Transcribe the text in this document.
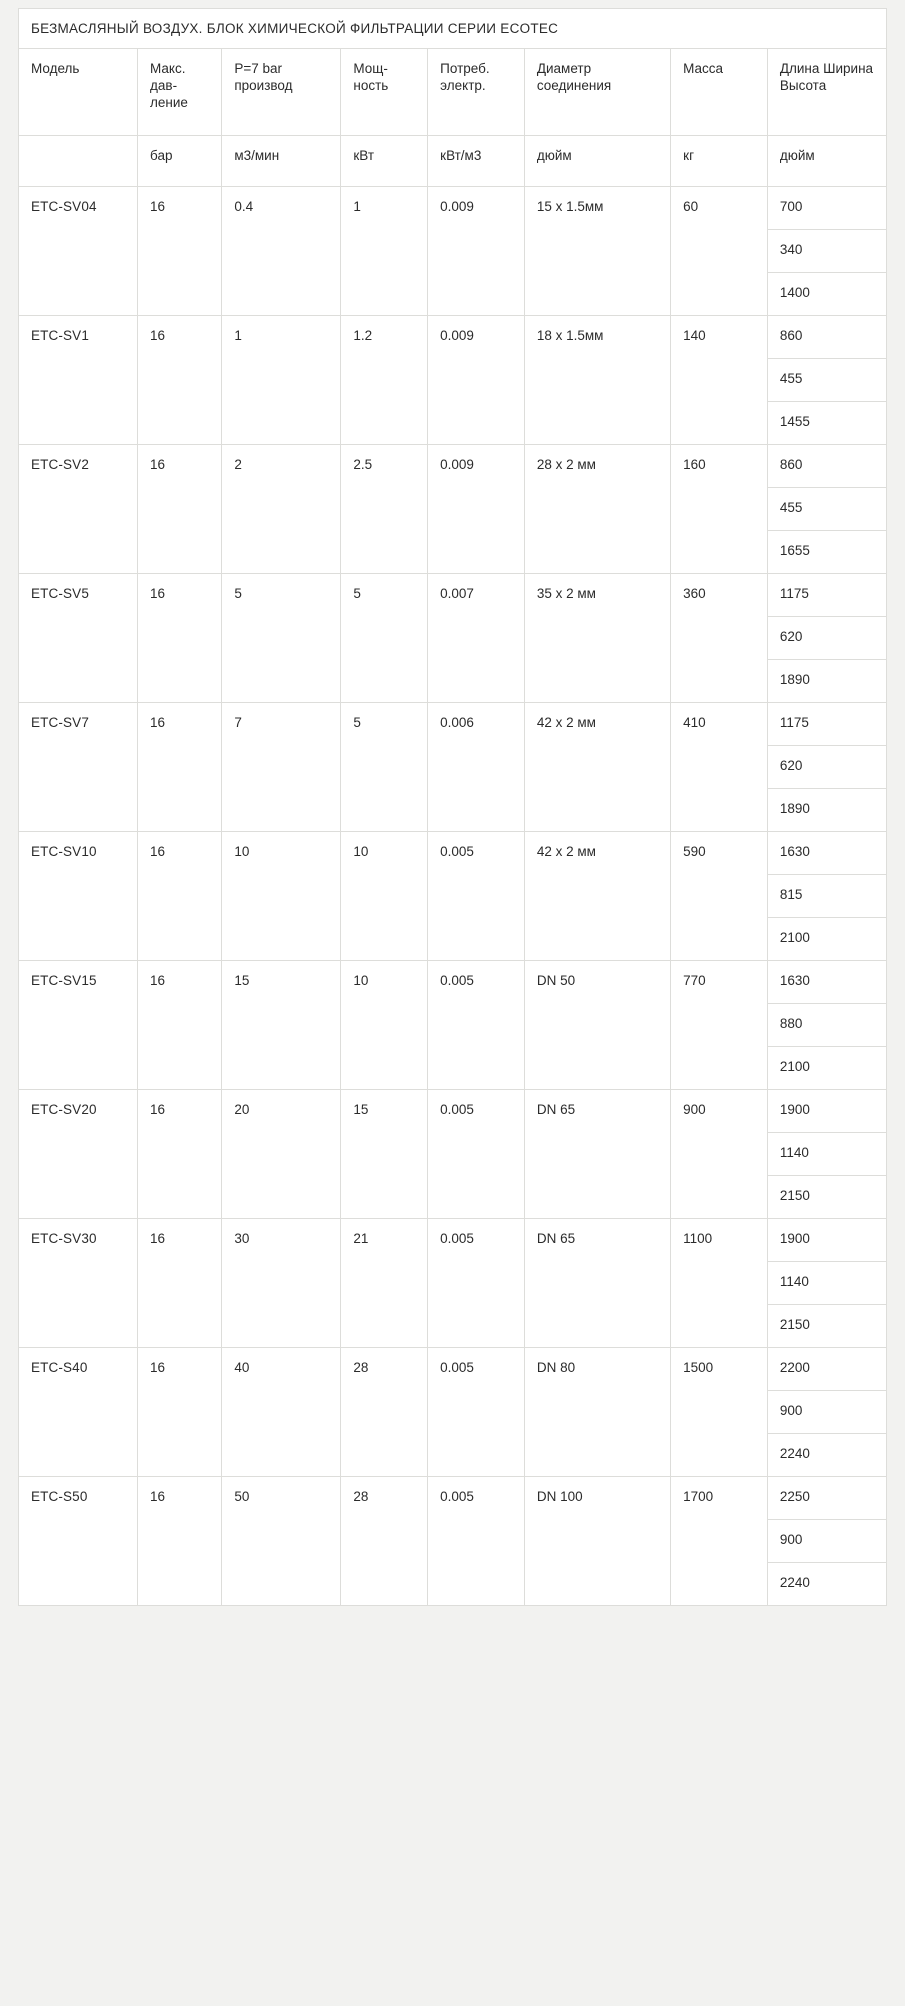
БЕЗМАСЛЯНЫЙ ВОЗДУХ. БЛОК ХИМИЧЕСКОЙ ФИЛЬТРАЦИИ СЕРИИ ECOTEC							
Модель	Макс. дав-ление	P=7 bar производ	Мощ-ность	Потреб. электр.	Диаметр соединения	Масса	Длина Ширина Высота
	бар	м3/мин	кВт	кВт/м3	дюйм	кг	дюйм
ETC-SV04	16	0.4	1	0.009	15 x 1.5мм	60	700
							340
							1400
ETC-SV1	16	1	1.2	0.009	18 x 1.5мм	140	860
							455
							1455
ETC-SV2	16	2	2.5	0.009	28 x 2 мм	160	860
							455
							1655
ETC-SV5	16	5	5	0.007	35 x 2 мм	360	1175
							620
							1890
ETC-SV7	16	7	5	0.006	42 x 2 мм	410	1175
							620
							1890
ETC-SV10	16	10	10	0.005	42 x 2 мм	590	1630
							815
							2100
ETC-SV15	16	15	10	0.005	DN 50	770	1630
							880
							2100
ETC-SV20	16	20	15	0.005	DN 65	900	1900
							1140
							2150
ETC-SV30	16	30	21	0.005	DN 65	1100	1900
							1140
							2150
ETC-S40	16	40	28	0.005	DN 80	1500	2200
							900
							2240
ETC-S50	16	50	28	0.005	DN 100	1700	2250
							900
							2240
